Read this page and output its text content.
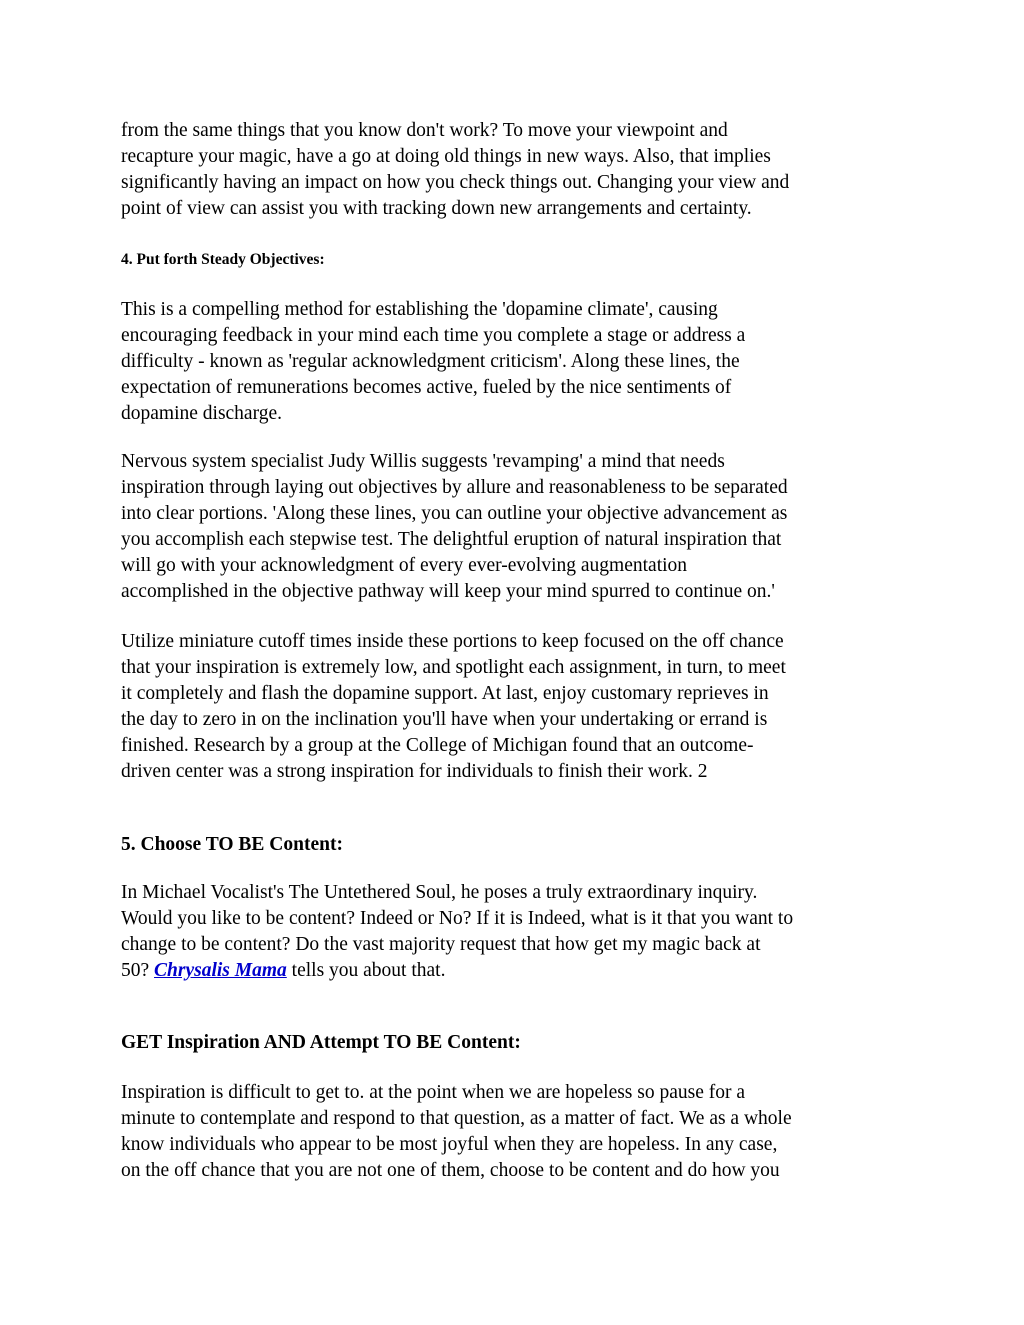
from the same things that you know don't work? To move your viewpoint and
recapture your magic, have a go at doing old things in new ways. Also, that implies
significantly having an impact on how you check things out. Changing your view and
point of view can assist you with tracking down new arrangements and certainty.

4. Put forth Steady Objectives:

This is a compelling method for establishing the 'dopamine climate', causing
encouraging feedback in your mind each time you complete a stage or address a
difficulty - known as 'regular acknowledgment criticism'. Along these lines, the
expectation of remunerations becomes active, fueled by the nice sentiments of
dopamine discharge.

Nervous system specialist Judy Willis suggests 'revamping' a mind that needs
inspiration through laying out objectives by allure and reasonableness to be separated
into clear portions. 'Along these lines, you can outline your objective advancement as
you accomplish each stepwise test. The delightful eruption of natural inspiration that
will go with your acknowledgment of every ever-evolving augmentation
accomplished in the objective pathway will keep your mind spurred to continue on.'

Utilize miniature cutoff times inside these portions to keep focused on the off chance
that your inspiration is extremely low, and spotlight each assignment, in turn, to meet
it completely and flash the dopamine support. At last, enjoy customary reprieves in
the day to zero in on the inclination you'll have when your undertaking or errand is
finished. Research by a group at the College of Michigan found that an outcome-
driven center was a strong inspiration for individuals to finish their work. 2

5. Choose TO BE Content:

In Michael Vocalist's The Untethered Soul, he poses a truly extraordinary inquiry.
Would you like to be content? Indeed or No? If it is Indeed, what is it that you want to
change to be content? Do the vast majority request that how get my magic back at
50? Chrysalis Mama tells you about that.

GET Inspiration AND Attempt TO BE Content:

Inspiration is difficult to get to. at the point when we are hopeless so pause for a
minute to contemplate and respond to that question, as a matter of fact. We as a whole
know individuals who appear to be most joyful when they are hopeless. In any case,
on the off chance that you are not one of them, choose to be content and do how you
